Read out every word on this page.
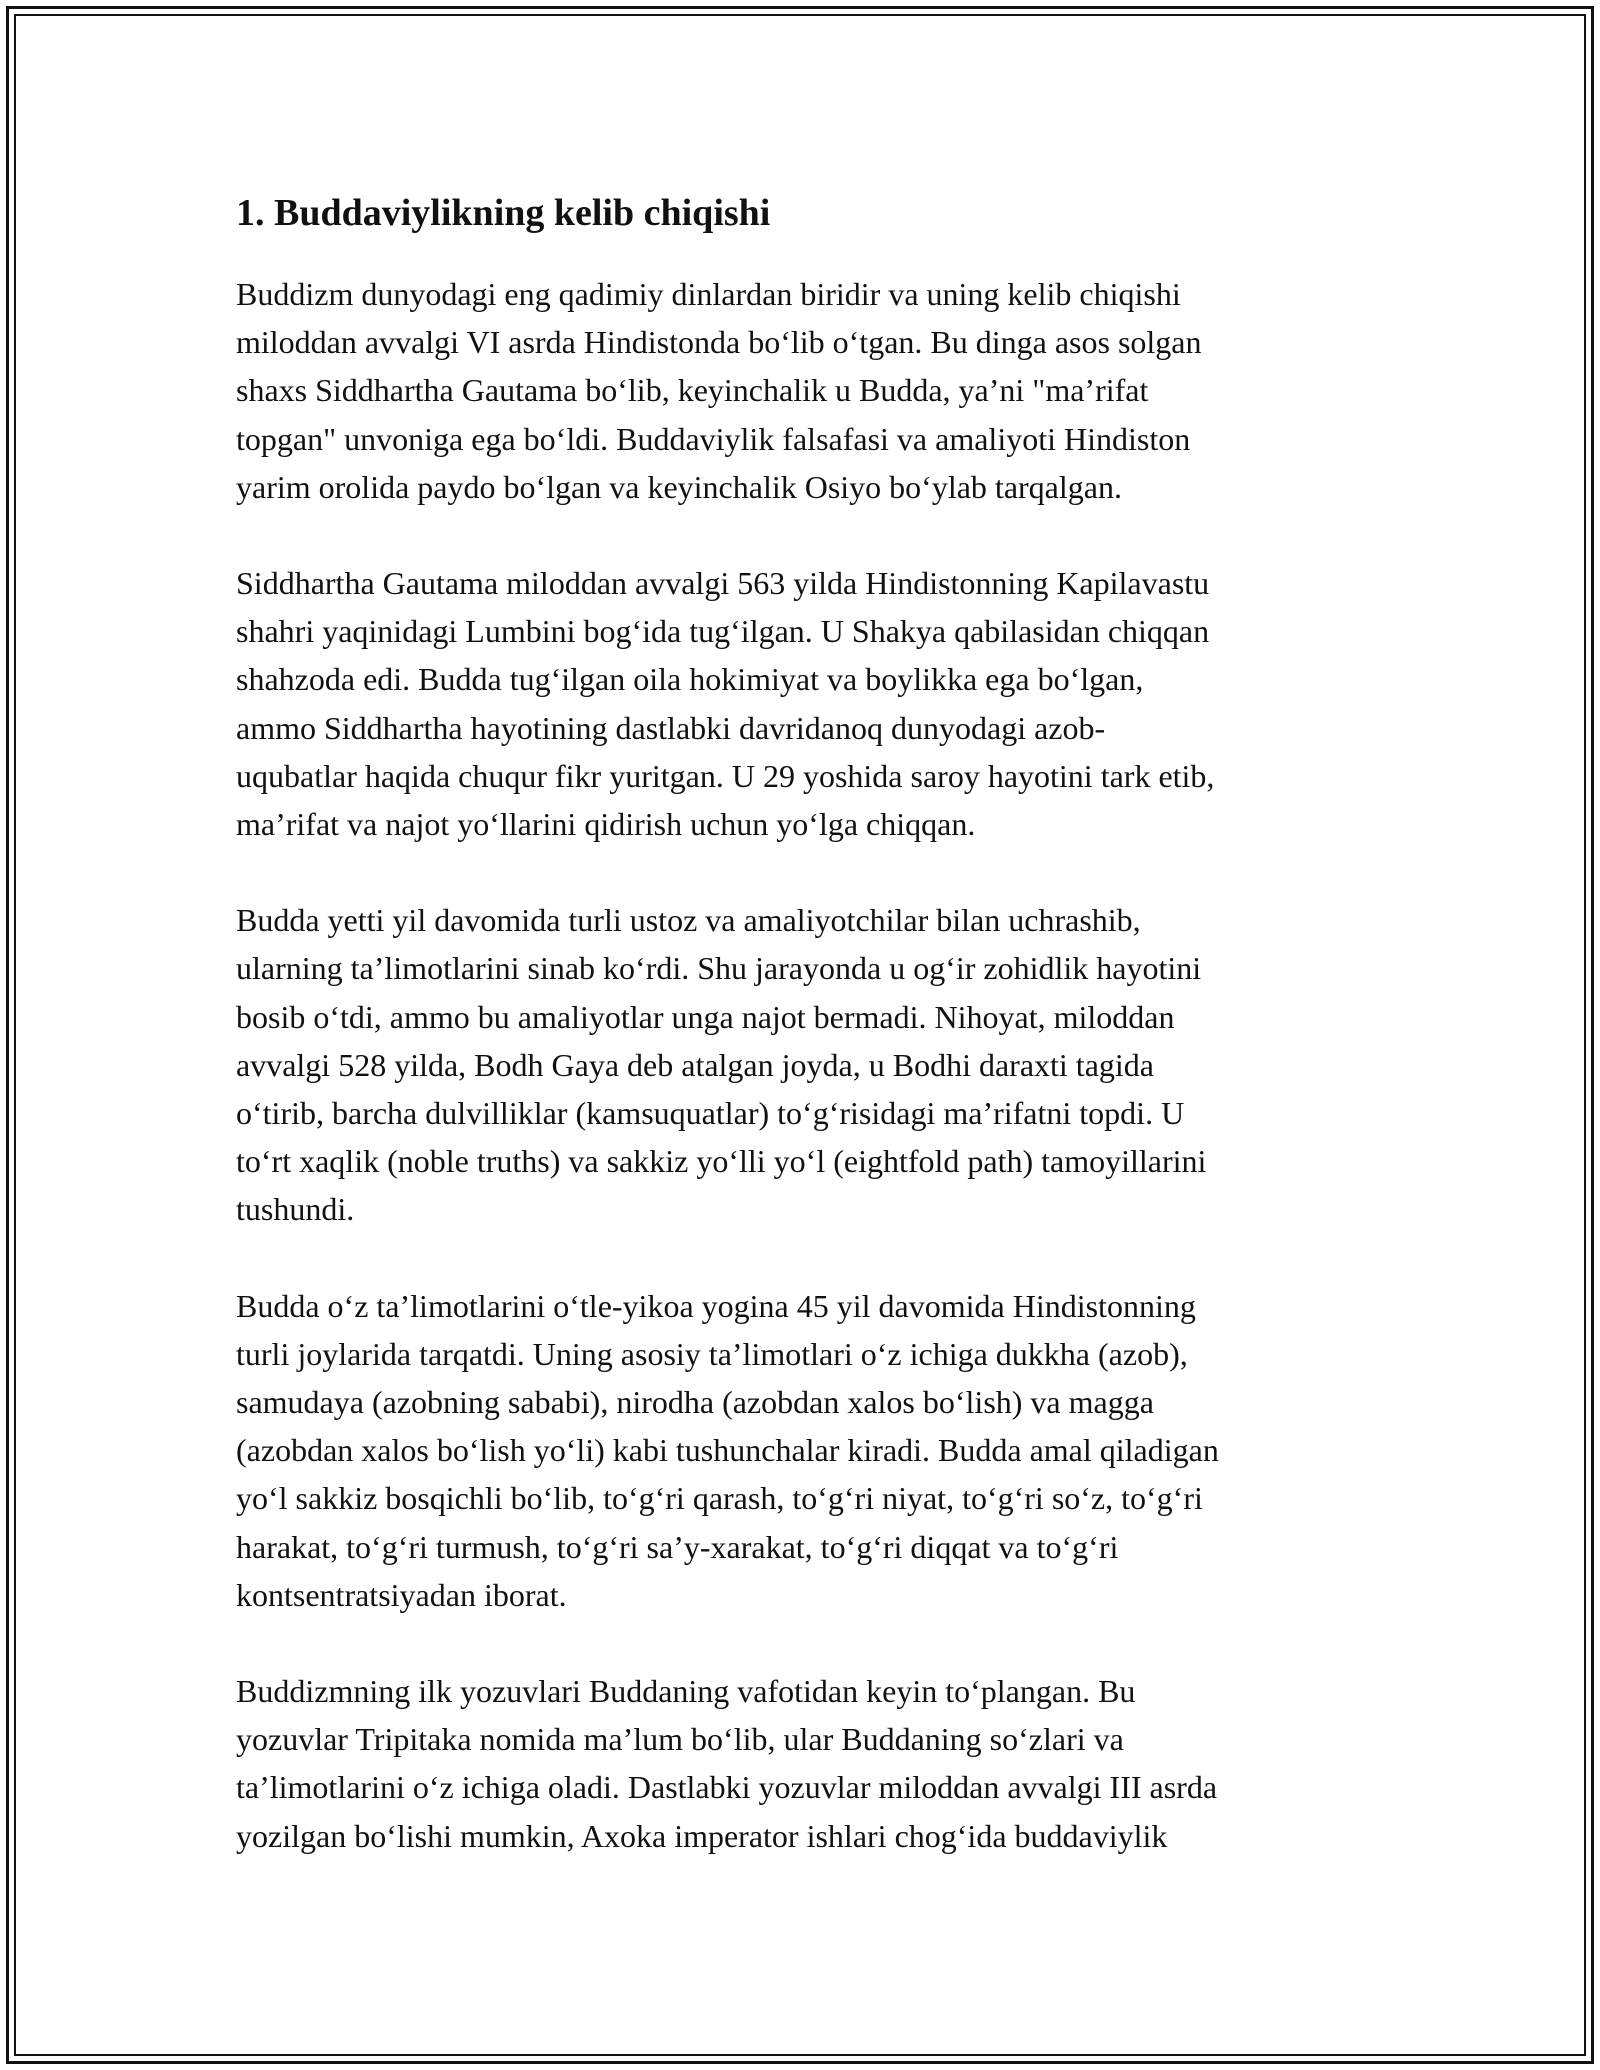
1. Buddaviylikning kelib chiqishi

Buddizm dunyodagi eng qadimiy dinlardan biridir va uning kelib chiqishi
miloddan avvalgi VI asrda Hindistonda bo‘lib o‘tgan. Bu dinga asos solgan
shaxs Siddhartha Gautama bo‘lib, keyinchalik u Budda, ya’ni "ma’rifat
topgan" unvoniga ega bo‘ldi. Buddaviylik falsafasi va amaliyoti Hindiston
yarim orolida paydo bo‘lgan va keyinchalik Osiyo bo‘ylab tarqalgan.

Siddhartha Gautama miloddan avvalgi 563 yilda Hindistonning Kapilavastu
shahri yaqinidagi Lumbini bog‘ida tug‘ilgan. U Shakya qabilasidan chiqqan
shahzoda edi. Budda tug‘ilgan oila hokimiyat va boylikka ega bo‘lgan,
ammo Siddhartha hayotining dastlabki davridanoq dunyodagi azob-
uqubatlar haqida chuqur fikr yuritgan. U 29 yoshida saroy hayotini tark etib,
ma’rifat va najot yo‘llarini qidirish uchun yo‘lga chiqqan.

Budda yetti yil davomida turli ustoz va amaliyotchilar bilan uchrashib,
ularning ta’limotlarini sinab ko‘rdi. Shu jarayonda u og‘ir zohidlik hayotini
bosib o‘tdi, ammo bu amaliyotlar unga najot bermadi. Nihoyat, miloddan
avvalgi 528 yilda, Bodh Gaya deb atalgan joyda, u Bodhi daraxti tagida
o‘tirib, barcha dulvilliklar (kamsuquatlar) to‘g‘risidagi ma’rifatni topdi. U
to‘rt xaqlik (noble truths) va sakkiz yo‘lli yo‘l (eightfold path) tamoyillarini
tushundi.

Budda o‘z ta’limotlarini o‘tle-yikoa yogina 45 yil davomida Hindistonning
turli joylarida tarqatdi. Uning asosiy ta’limotlari o‘z ichiga dukkha (azob),
samudaya (azobning sababi), nirodha (azobdan xalos bo‘lish) va magga
(azobdan xalos bo‘lish yo‘li) kabi tushunchalar kiradi. Budda amal qiladigan
yo‘l sakkiz bosqichli bo‘lib, to‘g‘ri qarash, to‘g‘ri niyat, to‘g‘ri so‘z, to‘g‘ri
harakat, to‘g‘ri turmush, to‘g‘ri sa’y-xarakat, to‘g‘ri diqqat va to‘g‘ri
kontsentratsiyadan iborat.

Buddizmning ilk yozuvlari Buddaning vafotidan keyin to‘plangan. Bu
yozuvlar Tripitaka nomida ma’lum bo‘lib, ular Buddaning so‘zlari va
ta’limotlarini o‘z ichiga oladi. Dastlabki yozuvlar miloddan avvalgi III asrda
yozilgan bo‘lishi mumkin, Axoka imperator ishlari chog‘ida buddaviylik
